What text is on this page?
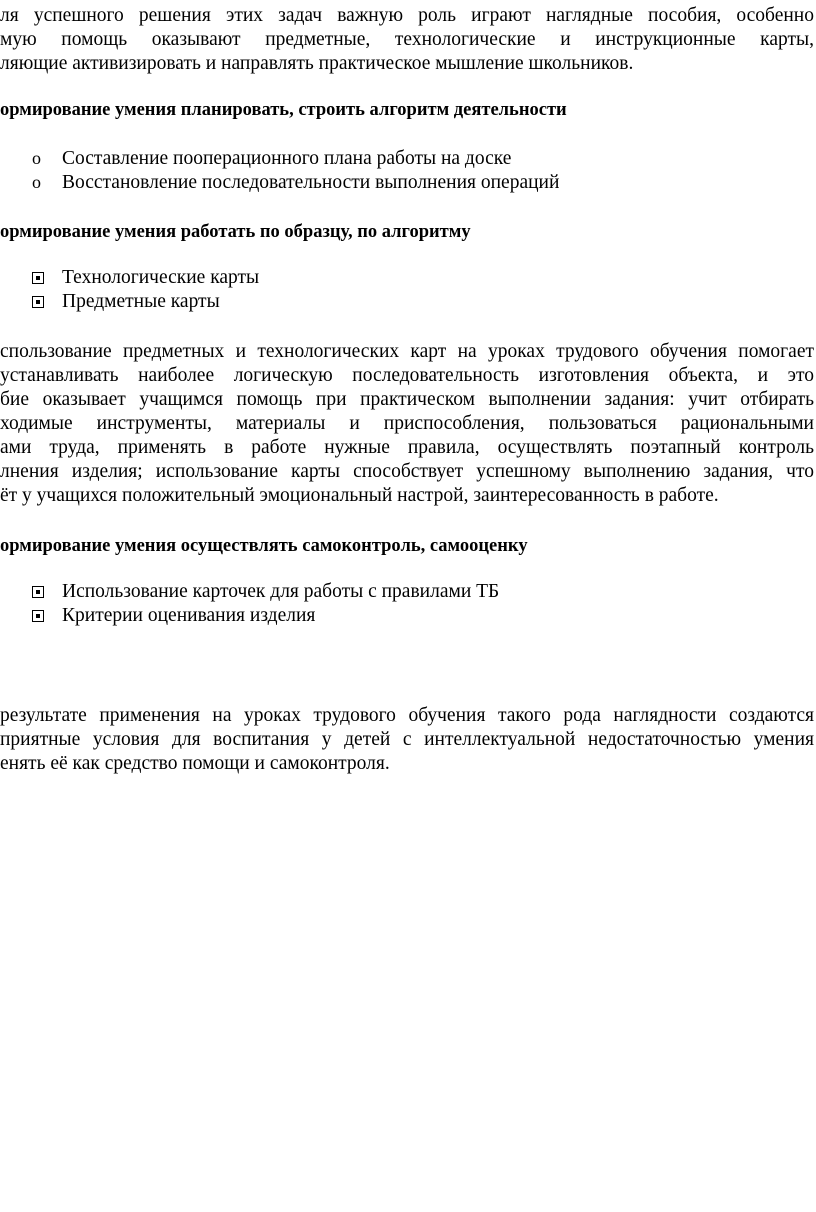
ля успешного решения этих задач важную роль играют наглядные пособия, особенно
мую помощь оказывают предметные, технологические и инструкционные карты,
ляющие активизировать и направлять практическое мышление школьников.
ормирование умения планировать, строить алгоритм деятельности
o Составление пооперационного плана работы на доске
o Восстановление последовательности выполнения операций
ормирование умения работать по образцу, по алгоритму
Технологические карты
Предметные карты
спользование предметных и технологических карт на уроках трудового обучения помогает
устанавливать наиболее логическую последовательность изготовления объекта, и это
бие оказывает учащимся помощь при практическом выполнении задания: учит отбирать
ходимые инструменты, материалы и приспособления, пользоваться рациональными
ами труда, применять в работе нужные правила, осуществлять поэтапный контроль
лнения изделия; использование карты способствует успешному выполнению задания, что
ёт у учащихся положительный эмоциональный настрой, заинтересованность в работе.
ормирование умения осуществлять самоконтроль, самооценку
Использование карточек для работы с правилами ТБ
Критерии оценивания изделия
результате применения на уроках трудового обучения такого рода наглядности создаются
приятные условия для воспитания у детей с интеллектуальной недостаточностью умения
енять её как средство помощи и самоконтроля.
